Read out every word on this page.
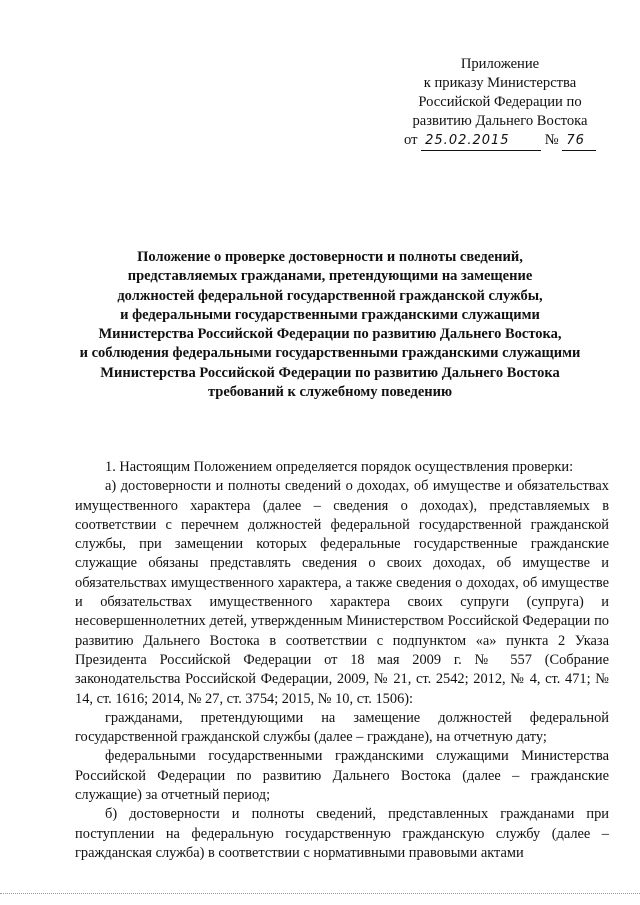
Приложение
к приказу Министерства
Российской Федерации по
развитию Дальнего Востока
от 25.02.2015 № 76
Положение о проверке достоверности и полноты сведений,
представляемых гражданами, претендующими на замещение
должностей федеральной государственной гражданской службы,
и федеральными государственными гражданскими служащими
Министерства Российской Федерации по развитию Дальнего Востока,
и соблюдения федеральными государственными гражданскими служащими
Министерства Российской Федерации по развитию Дальнего Востока
требований к служебному поведению

1. Настоящим Положением определяется порядок осуществления проверки:

а) достоверности и полноты сведений о доходах, об имуществе и обязательствах имущественного характера (далее – сведения о доходах), представляемых в соответствии с перечнем должностей федеральной государственной гражданской службы, при замещении которых федеральные государственные гражданские служащие обязаны представлять сведения о своих доходах, об имуществе и обязательствах имущественного характера, а также сведения о доходах, об имуществе и обязательствах имущественного характера своих супруги (супруга) и несовершеннолетних детей, утвержденным Министерством Российской Федерации по развитию Дальнего Востока в соответствии с подпунктом «а» пункта 2 Указа Президента Российской Федерации от 18 мая 2009 г. № 557 (Собрание законодательства Российской Федерации, 2009, № 21, ст. 2542; 2012, № 4, ст. 471; № 14, ст. 1616; 2014, № 27, ст. 3754; 2015, № 10, ст. 1506):

гражданами, претендующими на замещение должностей федеральной государственной гражданской службы (далее – граждане), на отчетную дату;

федеральными государственными гражданскими служащими Министерства Российской Федерации по развитию Дальнего Востока (далее – гражданские служащие) за отчетный период;

б) достоверности и полноты сведений, представленных гражданами при поступлении на федеральную государственную гражданскую службу (далее – гражданская служба) в соответствии с нормативными правовыми актами
